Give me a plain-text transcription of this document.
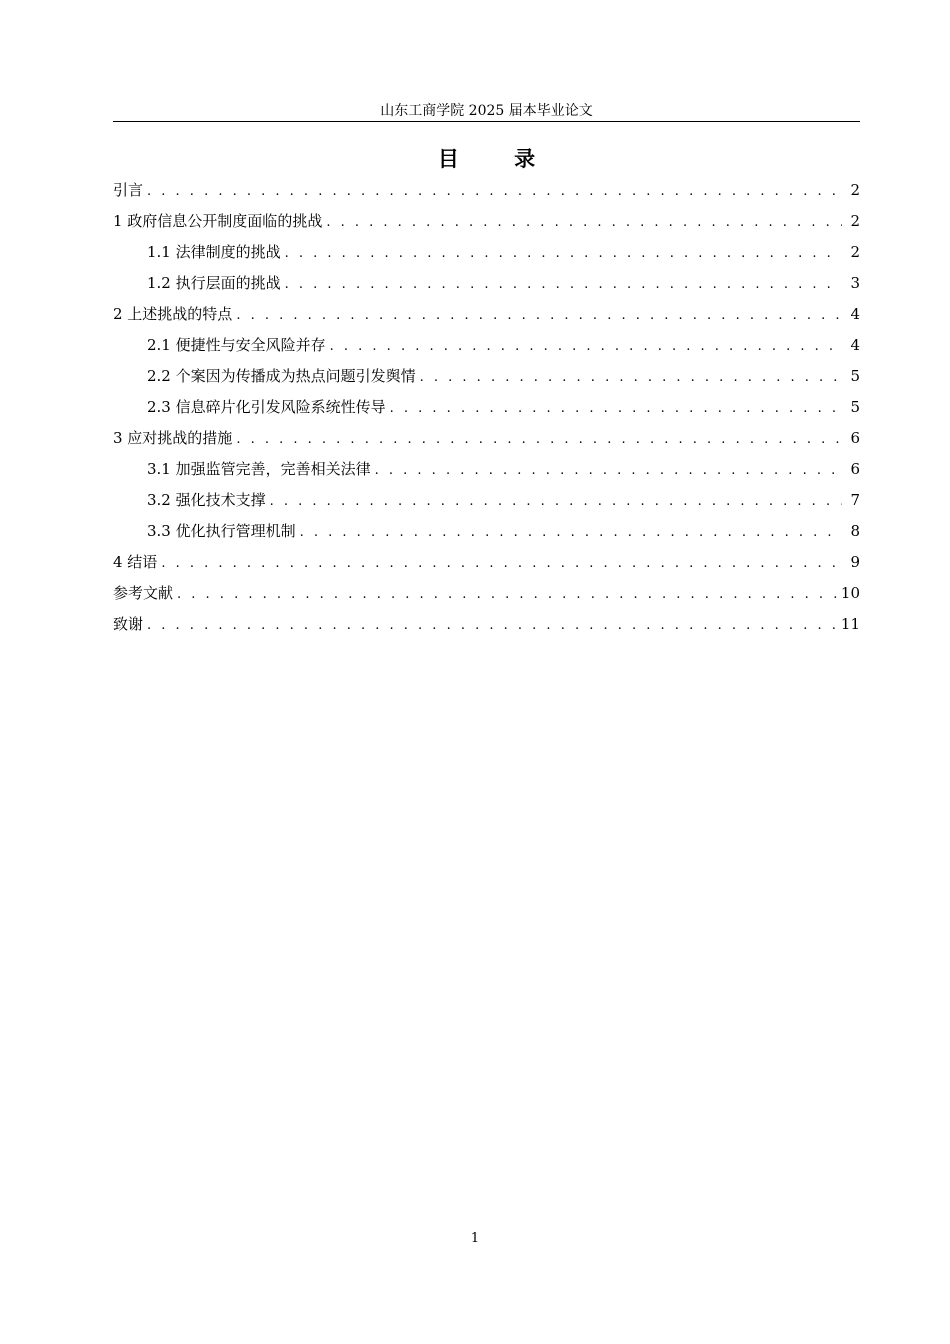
山东工商学院 2025 届本毕业论文
目 录
引言 . . .	2
1 政府信息公开制度面临的挑战 . . .	2
1.1 法律制度的挑战 . . .	2
1.2 执行层面的挑战 . . .	3
2 上述挑战的特点 . . .	4
2.1 便捷性与安全风险并存 . . .	4
2.2 个案因为传播成为热点问题引发舆情 . . .	5
2.3 信息碎片化引发风险系统性传导 . . .	5
3 应对挑战的措施 . . .	6
3.1 加强监管完善，完善相关法律 . . .	6
3.2 强化技术支撑 . . .	7
3.3 优化执行管理机制 . . .	8
4 结语 . . .	9
参考文献 . . .	10
致谢 . . .	11
1
